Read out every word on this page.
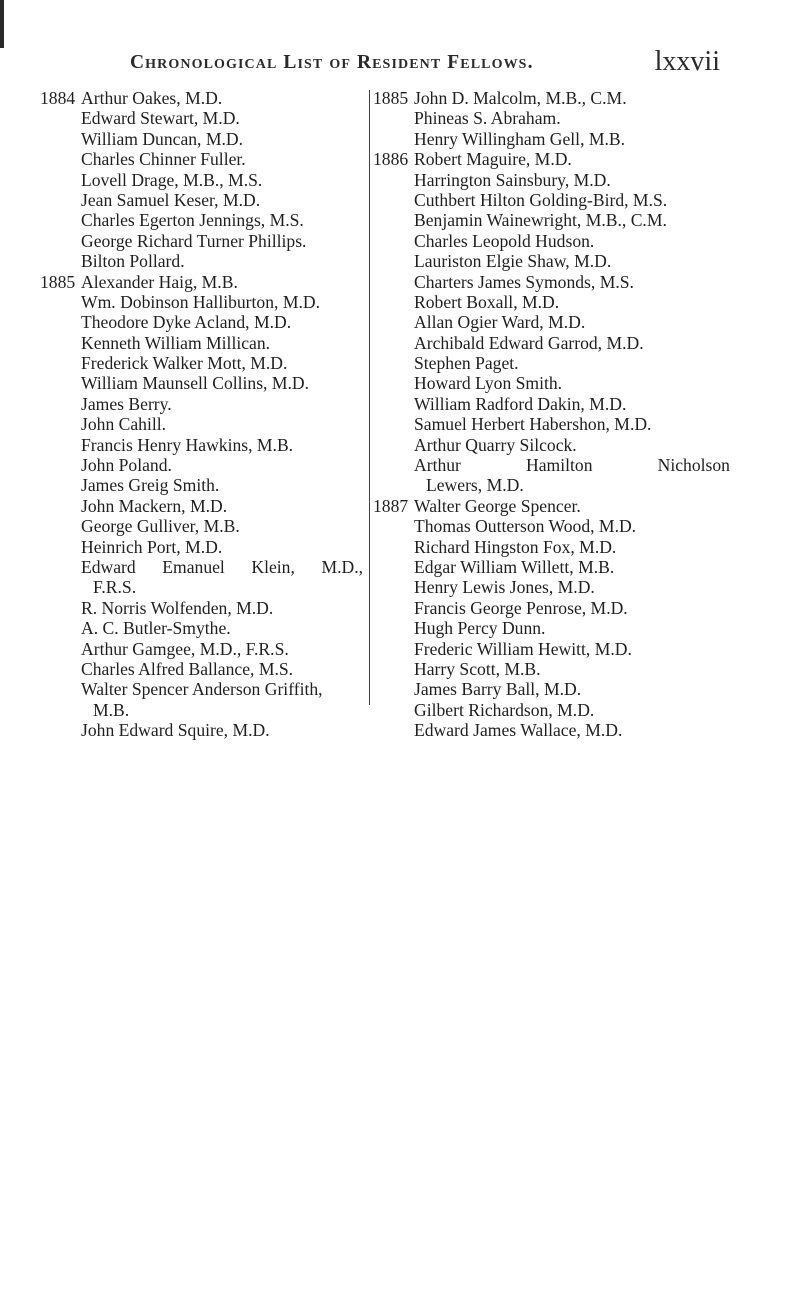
Chronological List of Resident Fellows.	lxxvii
1884 Arthur Oakes, M.D.
Edward Stewart, M.D.
William Duncan, M.D.
Charles Chinner Fuller.
Lovell Drage, M.B., M.S.
Jean Samuel Keser, M.D.
Charles Egerton Jennings, M.S.
George Richard Turner Phillips.
Bilton Pollard.
1885 Alexander Haig, M.B.
Wm. Dobinson Halliburton, M.D.
Theodore Dyke Acland, M.D.
Kenneth William Millican.
Frederick Walker Mott, M.D.
William Maunsell Collins, M.D.
James Berry.
John Cahill.
Francis Henry Hawkins, M.B.
John Poland.
James Greig Smith.
John Mackern, M.D.
George Gulliver, M.B.
Heinrich Port, M.D.
Edward Emanuel Klein, M.D.,
F.R.S.
R. Norris Wolfenden, M.D.
A. C. Butler-Smythe.
Arthur Gamgee, M.D., F.R.S.
Charles Alfred Ballance, M.S.
Walter Spencer Anderson Griffith,
M.B.
John Edward Squire, M.D.
1885 John D. Malcolm, M.B., C.M.
Phineas S. Abraham.
Henry Willingham Gell, M.B.
1886 Robert Maguire, M.D.
Harrington Sainsbury, M.D.
Cuthbert Hilton Golding-Bird, M.S.
Benjamin Wainewright, M.B., C.M.
Charles Leopold Hudson.
Lauriston Elgie Shaw, M.D.
Charters James Symonds, M.S.
Robert Boxall, M.D.
Allan Ogier Ward, M.D.
Archibald Edward Garrod, M.D.
Stephen Paget.
Howard Lyon Smith.
William Radford Dakin, M.D.
Samuel Herbert Habershon, M.D.
Arthur Quarry Silcock.
Arthur	Hamilton	Nicholson
Lewers, M.D.
1887 Walter George Spencer.
Thomas Outterson Wood, M.D.
Richard Hingston Fox, M.D.
Edgar William Willett, M.B.
Henry Lewis Jones, M.D.
Francis George Penrose, M.D.
Hugh Percy Dunn.
Frederic William Hewitt, M.D.
Harry Scott, M.B.
James Barry Ball, M.D.
Gilbert Richardson, M.D.
Edward James Wallace, M.D.
